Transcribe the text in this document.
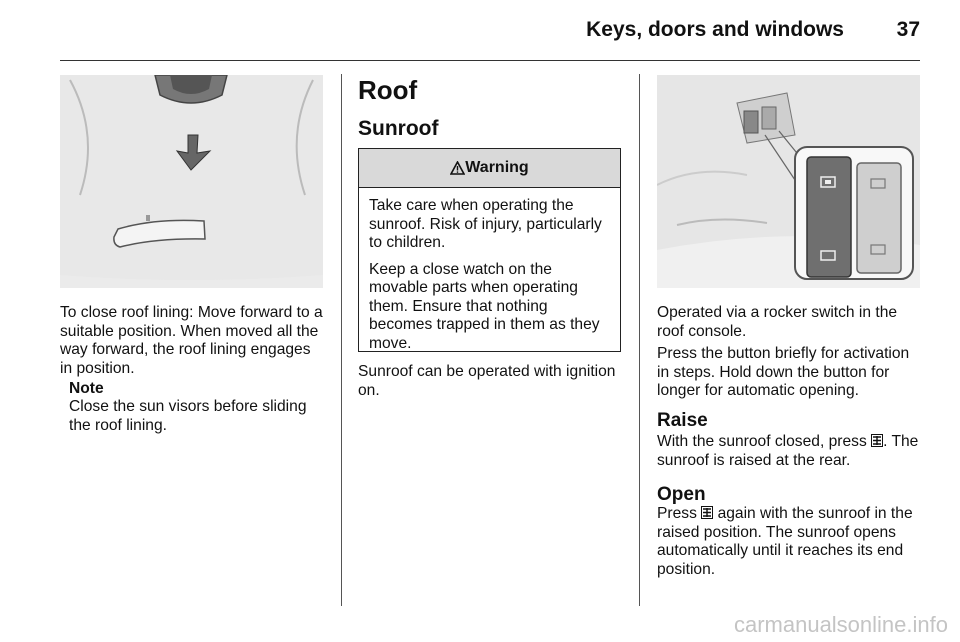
Keys, doors and windows	37

To close roof lining: Move forward to a suitable position. When moved all the way forward, the roof lining engages in position.

Note

Close the sun visors before sliding the roof lining.

Roof
Sunroof
Warning

Take care when operating the sunroof. Risk of injury, particularly to children.

Keep a close watch on the movable parts when operating them. Ensure that nothing becomes trapped in them as they move.

Sunroof can be operated with ignition on.

Operated via a rocker switch in the roof console.

Press the button briefly for activation in steps. Hold down the button for longer for automatic opening.

Raise

With the sunroof closed, press . The sunroof is raised at the rear.

Open

Press again with the sunroof in the raised position. The sunroof opens automatically until it reaches its end position.

carmanualsonline.info
